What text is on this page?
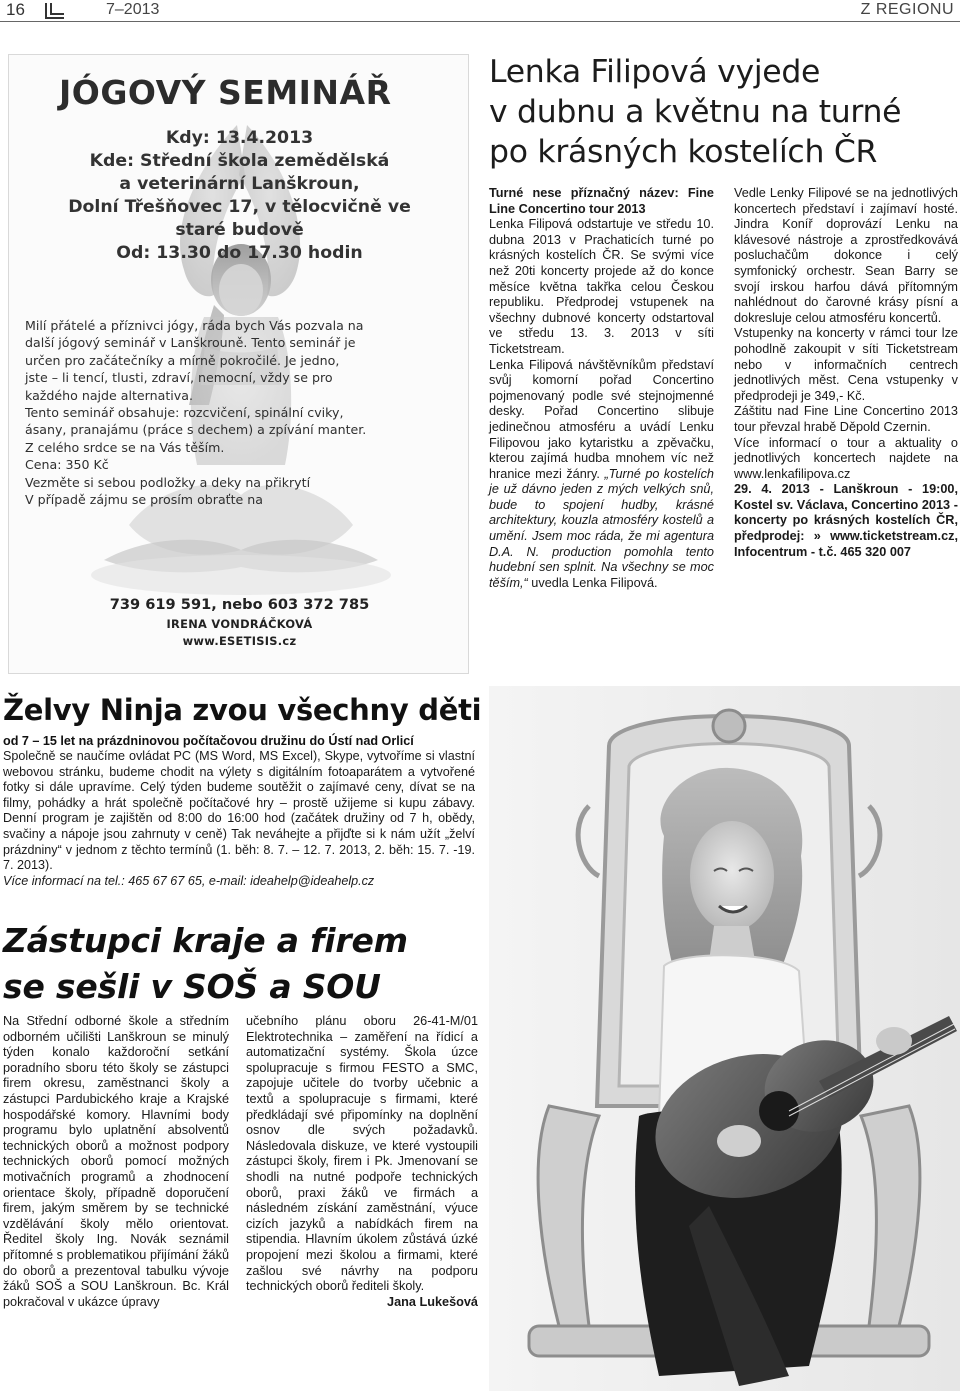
16	7–2013	Z REGIONU
JÓGOVÝ SEMINÁŘ
Kdy: 13.4.2013
Kde: Střední škola zemědělská
a veterinární Lanškroun,
Dolní Třešňovec 17, v tělocvičně ve
staré budově
Od: 13.30 do 17.30 hodin
Milí přátelé a příznivci jógy, ráda bych Vás pozvala na
další jógový seminář v Lanškrouně. Tento seminář je
určen pro začátečníky a mírně pokročilé. Je jedno,
jste – li tencí, tlusti, zdraví, nemocní, vždy se pro
každého najde alternativa.
Tento seminář obsahuje: rozcvičení, spinální cviky,
ásany, pranajámu (práce s dechem) a zpívání manter.
Z celého srdce se na Vás těším.
Cena: 350 Kč
Vezměte si sebou podložky a deky na přikrytí
V případě zájmu se prosím obraťte na
739 619 591, nebo 603 372 785
IRENA VONDRÁČKOVÁ
www.ESETISIS.cz
Lenka Filipová vyjede
v dubnu a květnu na turné
po krásných kostelích ČR

Turné nese příznačný název: Fine Line Concertino tour 2013

Lenka Filipová odstartuje ve středu 10. dubna 2013 v Prachaticích turné po krásných kostelích ČR. Se svými více než 20ti koncerty projede až do konce měsíce května takřka celou Českou republiku. Předprodej vstupenek na všechny dubnové koncerty odstartoval ve středu 13. 3. 2013 v síti Ticketstream.

Lenka Filipová návštěvníkům představí svůj komorní pořad Concertino pojmenovaný podle své stejnojmenné desky. Pořad Concertino slibuje jedinečnou atmosféru a uvádí Lenku Filipovou jako kytaristku a zpěvačku, kterou zajímá hudba mnohem víc než hranice mezi žánry. „Turné po kostelích je už dávno jeden z mých velkých snů, bude to spojení hudby, krásné architektury, kouzla atmosféry kostelů a umění. Jsem moc ráda, že mi agentura D.A. N. production pomohla tento hudební sen splnit. Na všechny se moc těším,“ uvedla Lenka Filipová.

Vedle Lenky Filipové se na jednotlivých koncertech představí i zajímaví hosté. Jindra Koníř doprovází Lenku na klávesové nástroje a zprostředkovává posluchačům dokonce i celý symfonický orchestr. Sean Barry se svojí irskou harfou dává přítomným nahlédnout do čarovné krásy písní a dokresluje celou atmosféru koncertů.

Vstupenky na koncerty v rámci tour lze pohodlně zakoupit v síti Ticketstream nebo v informačních centrech jednotlivých měst. Cena vstupenky v předprodeji je 349,- Kč.

Záštitu nad Fine Line Concertino 2013 tour převzal hrabě Děpold Czernin.

Více informací o tour a aktuality o jednotlivých koncertech najdete na www.lenkafilipova.cz

29. 4. 2013 - Lanškroun - 19:00, Kostel sv. Václava, Concertino 2013 - koncerty po krásných kostelích ČR, předprodej: » www.ticketstream.cz, Infocentrum - t.č. 465 320 007

Želvy Ninja zvou všechny děti
od 7 – 15 let na prázdninovou počítačovou družinu do Ústí nad Orlicí
Společně se naučíme ovládat PC (MS Word, MS Excel), Skype, vytvoříme si vlastní webovou stránku, budeme chodit na výlety s digitálním fotoaparátem a vytvořené fotky si dále upravíme. Celý týden budeme soutěžit o zajímavé ceny, dívat se na filmy, pohádky a hrát společně počítačové hry – prostě užijeme si kupu zábavy. Denní program je zajištěn od 8:00 do 16:00 hod (začátek družiny od 7 h, obědy, svačiny a nápoje jsou zahrnuty v ceně) Tak neváhejte a přijďte si k nám užít „želví prázdniny“ v jednom z těchto termínů (1. běh: 8. 7. – 12. 7. 2013, 2. běh: 15. 7. -19. 7. 2013).
Více informací na tel.: 465 67 67 65, e-mail: ideahelp@ideahelp.cz
Zástupci kraje a firem
se sešli v SOŠ a SOU
Na Střední odborné škole a středním odborném učilišti Lanškroun se minulý týden konalo každoroční setkání poradního sboru této školy se zástupci firem okresu, zaměstnanci školy a zástupci Pardubického kraje a Krajské hospodářské komory. Hlavními body programu bylo uplatnění absolventů technických oborů a možnost podpory technických oborů pomocí možných motivačních programů a zhodnocení orientace školy, případně doporučení firem, jakým směrem by se technické vzdělávání školy mělo orientovat. Ředitel školy Ing. Novák seznámil přítomné s problematikou přijímání žáků do oborů a prezentoval tabulku vývoje žáků SOŠ a SOU Lanškroun. Bc. Král pokračoval v ukázce úpravy
učebního plánu oboru 26-41-M/01 Elektrotechnika – zaměření na řídicí a automatizační systémy. Škola úzce spolupracuje s firmou FESTO a SMC, zapojuje učitele do tvorby učebnic a textů a spolupracuje s firmami, které předkládají své připomínky na doplnění osnov dle svých požadavků. Následovala diskuze, ve které vystoupili zástupci školy, firem i Pk. Jmenovaní se shodli na nutné podpoře technických oborů, praxi žáků ve firmách a následném získání zaměstnání, výuce cizích jazyků a nabídkách firem na stipendia. Hlavním úkolem zůstává úzké propojení mezi školou a firmami, které zašlou své návrhy na podporu technických oborů řediteli školy.
Jana Lukešová
